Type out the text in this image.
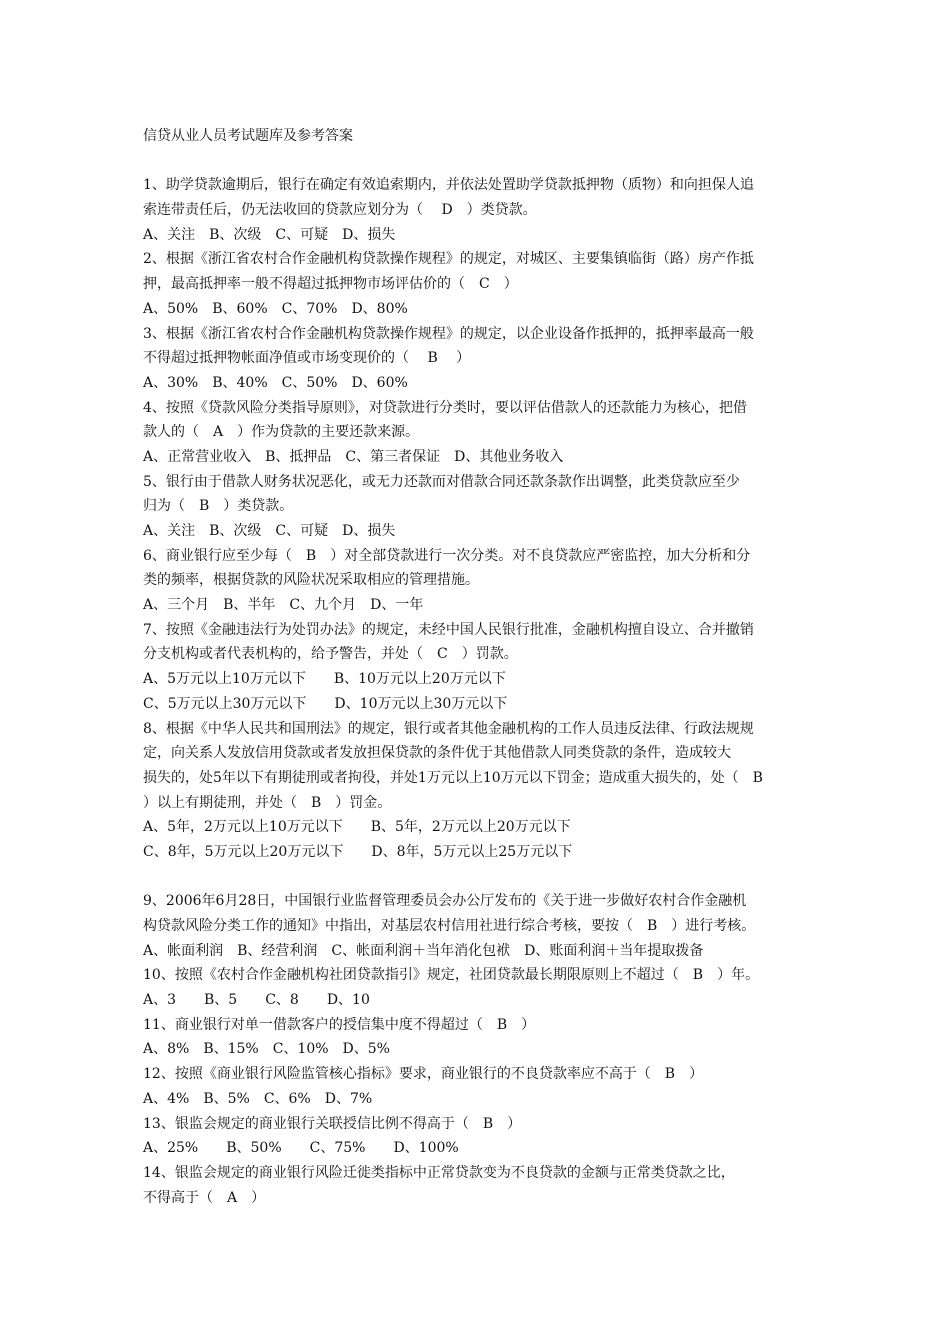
信贷从业人员考试题库及参考答案
1、助学贷款逾期后，银行在确定有效追索期内，并依法处置助学贷款抵押物（质物）和向担保人追
索连带责任后，仍无法收回的贷款应划分为（　 D　）类贷款。
A、关注　B、次级　C、可疑　D、损失
2、根据《浙江省农村合作金融机构贷款操作规程》的规定，对城区、主要集镇临街（路）房产作抵
押，最高抵押率一般不得超过抵押物市场评估价的（　C　）
A、50%　B、60%　C、70%　D、80%
3、根据《浙江省农村合作金融机构贷款操作规程》的规定，以企业设备作抵押的，抵押率最高一般
不得超过抵押物帐面净值或市场变现价的（　 B　 ）
A、30%　B、40%　C、50%　D、60%
4、按照《贷款风险分类指导原则》，对贷款进行分类时，要以评估借款人的还款能力为核心，把借
款人的（　A　）作为贷款的主要还款来源。
A、正常营业收入　B、抵押品　C、第三者保证　D、其他业务收入
5、银行由于借款人财务状况恶化，或无力还款而对借款合同还款条款作出调整，此类贷款应至少
归为（　B　）类贷款。
A、关注　B、次级　C、可疑　D、损失
6、商业银行应至少每（　B　）对全部贷款进行一次分类。对不良贷款应严密监控，加大分析和分
类的频率，根据贷款的风险状况采取相应的管理措施。
A、三个月　B、半年　C、九个月　D、一年
7、按照《金融违法行为处罚办法》的规定，未经中国人民银行批准，金融机构擅自设立、合并撤销
分支机构或者代表机构的，给予警告，并处（　C　）罚款。
A、5万元以上10万元以下　　B、10万元以上20万元以下
C、5万元以上30万元以下　　D、10万元以上30万元以下
8、根据《中华人民共和国刑法》的规定，银行或者其他金融机构的工作人员违反法律、行政法规规
定，向关系人发放信用贷款或者发放担保贷款的条件优于其他借款人同类贷款的条件，造成较大
损失的，处5年以下有期徒刑或者拘役，并处1万元以上10万元以下罚金；造成重大损失的，处（　B
）以上有期徒刑，并处（　B　）罚金。
A、5年，2万元以上10万元以下　　B、5年，2万元以上20万元以下
C、8年，5万元以上20万元以下　　D、8年，5万元以上25万元以下
9、2006年6月28日，中国银行业监督管理委员会办公厅发布的《关于进一步做好农村合作金融机
构贷款风险分类工作的通知》中指出，对基层农村信用社进行综合考核，要按（　B　）进行考核。
A、帐面利润　B、经营利润　C、帐面利润＋当年消化包袱　D、账面利润＋当年提取拨备
10、按照《农村合作金融机构社团贷款指引》规定，社团贷款最长期限原则上不超过（　B　）年。
A、3　　B、5　　C、8　　D、10
11、商业银行对单一借款客户的授信集中度不得超过（　B　）
A、8%　B、15%　C、10%　D、5%
12、按照《商业银行风险监管核心指标》要求，商业银行的不良贷款率应不高于（　B　）
A、4%　B、5%　C、6%　D、7%
13、银监会规定的商业银行关联授信比例不得高于（　B　）
A、25%　　B、50%　　C、75%　　D、100%
14、银监会规定的商业银行风险迁徙类指标中正常贷款变为不良贷款的金额与正常类贷款之比，
不得高于（　A　）
